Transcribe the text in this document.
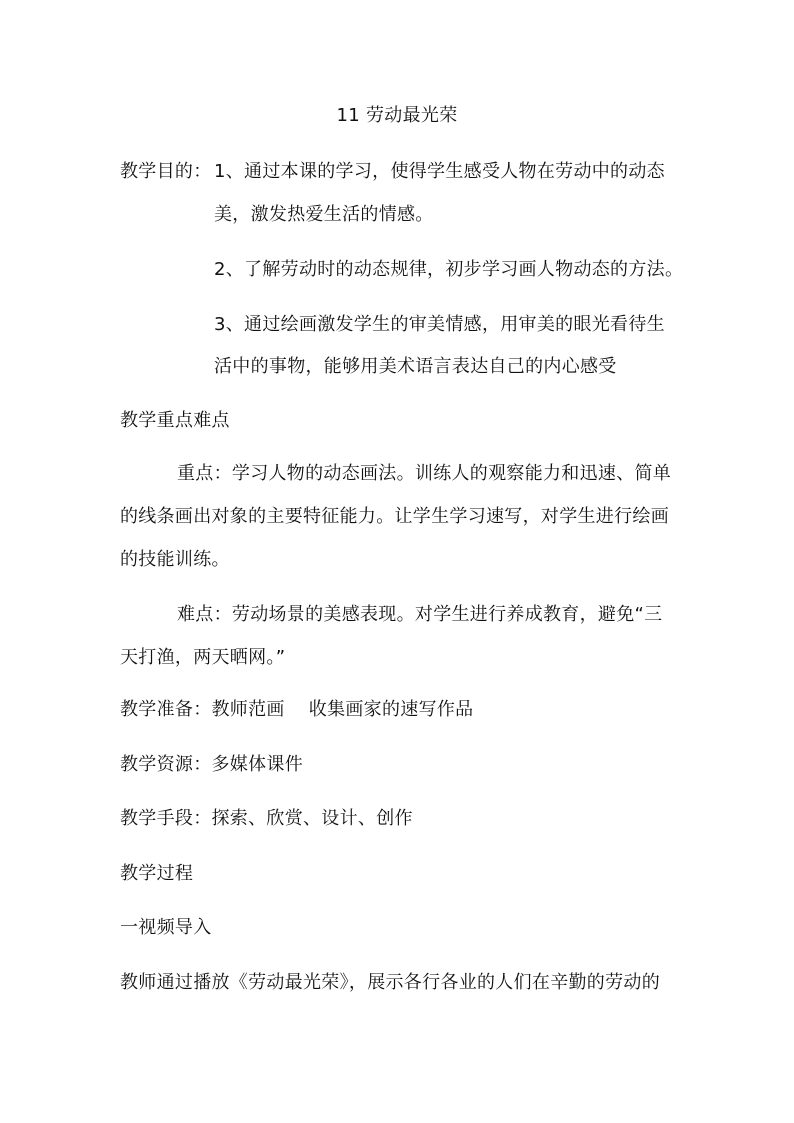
11 劳动最光荣
教学目的： 1、通过本课的学习，使得学生感受人物在劳动中的动态
美，激发热爱生活的情感。
2、了解劳动时的动态规律，初步学习画人物动态的方法。
3、通过绘画激发学生的审美情感，用审美的眼光看待生
活中的事物，能够用美术语言表达自己的内心感受
教学重点难点
重点：学习人物的动态画法。训练人的观察能力和迅速、简单
的线条画出对象的主要特征能力。让学生学习速写，对学生进行绘画
的技能训练。
难点：劳动场景的美感表现。对学生进行养成教育，避免“三
天打渔，两天晒网。”
教学准备：教师范画    收集画家的速写作品
教学资源：多媒体课件
教学手段：探索、欣赏、设计、创作
教学过程
一视频导入
教师通过播放《劳动最光荣》，展示各行各业的人们在辛勤的劳动的
